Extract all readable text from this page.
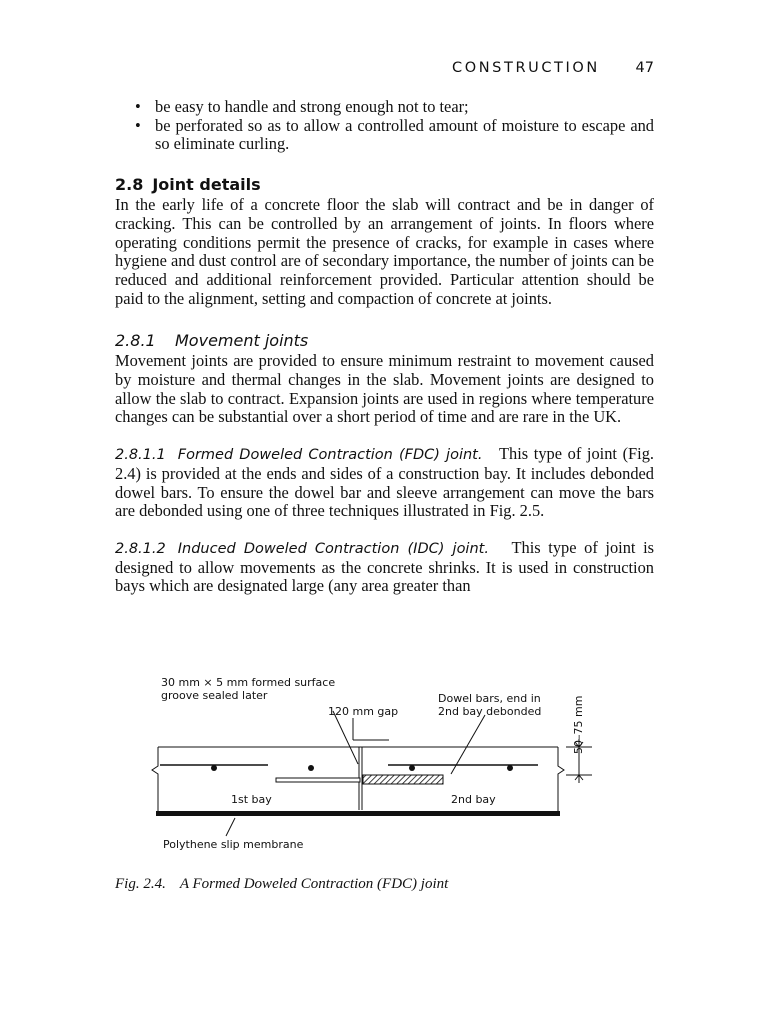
CONSTRUCTION 47
• be easy to handle and strong enough not to tear;
• be perforated so as to allow a controlled amount of moisture to escape and so eliminate curling.
2.8 Joint details

In the early life of a concrete floor the slab will contract and be in danger of cracking. This can be controlled by an arrangement of joints. In floors where operating conditions permit the presence of cracks, for example in cases where hygiene and dust control are of secondary importance, the number of joints can be reduced and additional reinforcement provided. Particular attention should be paid to the alignment, setting and compaction of concrete at joints.

2.8.1 Movement joints

Movement joints are provided to ensure minimum restraint to movement caused by moisture and thermal changes in the slab. Movement joints are designed to allow the slab to contract. Expansion joints are used in regions where temperature changes can be substantial over a short period of time and are rare in the UK.

2.8.1.1 Formed Doweled Contraction (FDC) joint. This type of joint (Fig. 2.4) is provided at the ends and sides of a construction bay. It includes debonded dowel bars. To ensure the dowel bar and sleeve arrangement can move the bars are debonded using one of three techniques illustrated in Fig. 2.5.

2.8.1.2 Induced Doweled Contraction (IDC) joint. This type of joint is designed to allow movements as the concrete shrinks. It is used in construction bays which are designated large (any area greater than

30 mm × 5 mm formed surface
groove sealed later
120 mm gap
Dowel bars, end in
2nd bay debonded	50–75 mm
1st bay	2nd bay
Polythene slip membrane
Fig. 2.4. A Formed Doweled Contraction (FDC) joint
